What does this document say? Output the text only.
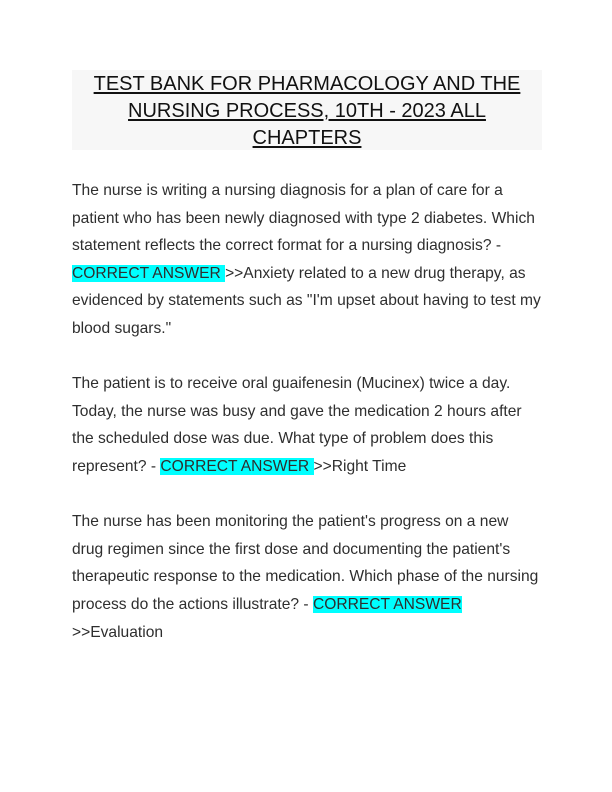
TEST BANK FOR PHARMACOLOGY AND THE NURSING PROCESS, 10TH - 2023 ALL CHAPTERS

The nurse is writing a nursing diagnosis for a plan of care for a patient who has been newly diagnosed with type 2 diabetes. Which statement reflects the correct format for a nursing diagnosis? - CORRECT ANSWER >>Anxiety related to a new drug therapy, as evidenced by statements such as "I'm upset about having to test my blood sugars."

The patient is to receive oral guaifenesin (Mucinex) twice a day. Today, the nurse was busy and gave the medication 2 hours after the scheduled dose was due. What type of problem does this represent? - CORRECT ANSWER >>Right Time

The nurse has been monitoring the patient's progress on a new drug regimen since the first dose and documenting the patient's therapeutic response to the medication. Which phase of the nursing process do the actions illustrate? - CORRECT ANSWER >>Evaluation
